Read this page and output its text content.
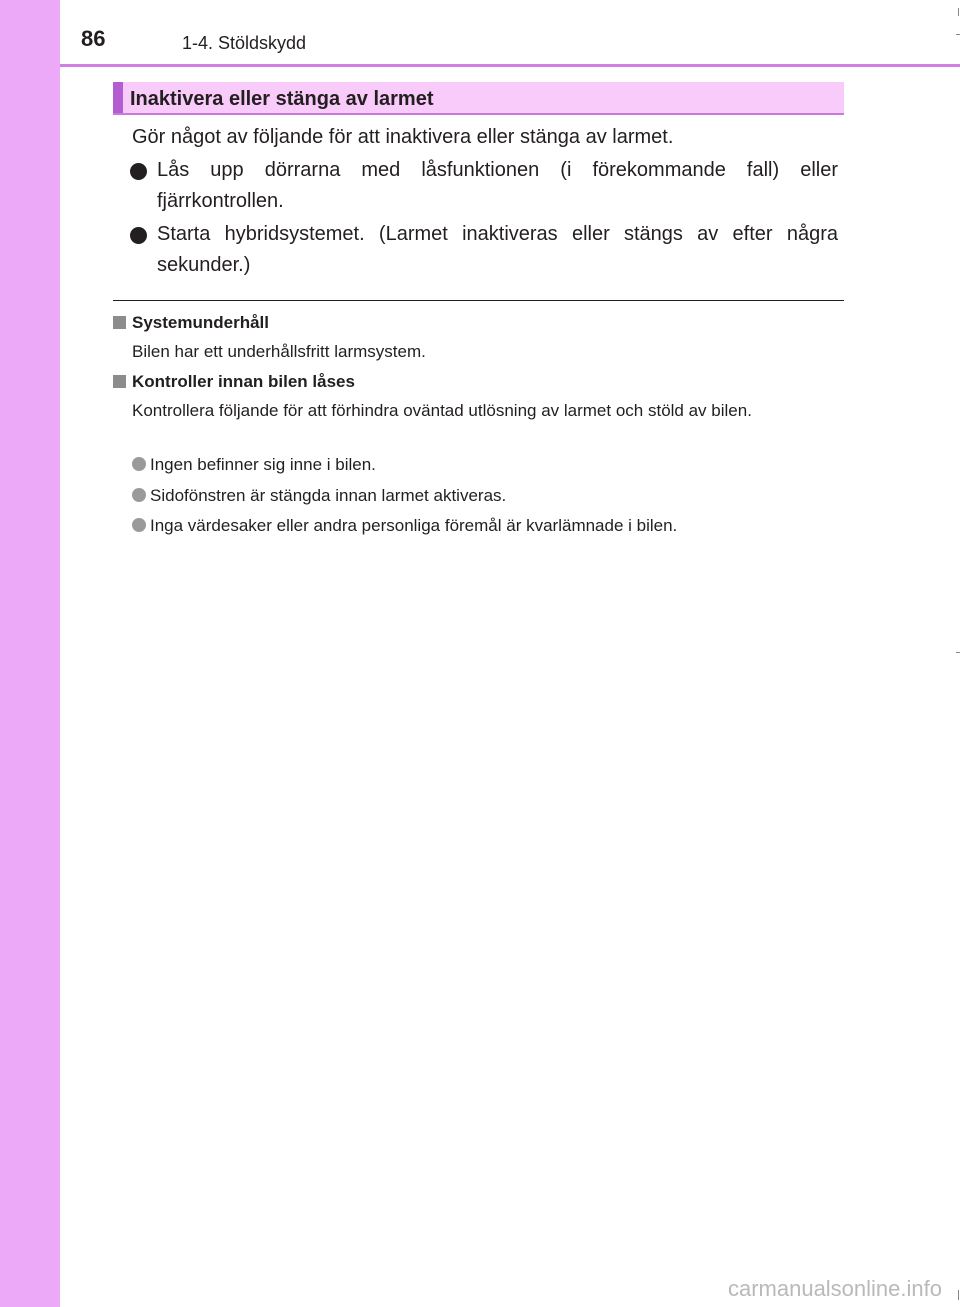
86	1-4. Stöldskydd
Inaktivera eller stänga av larmet
Gör något av följande för att inaktivera eller stänga av larmet.
Lås upp dörrarna med låsfunktionen (i förekommande fall) eller fjärrkontrollen.
Starta hybridsystemet. (Larmet inaktiveras eller stängs av efter några sekunder.)
Systemunderhåll
Bilen har ett underhållsfritt larmsystem.
Kontroller innan bilen låses
Kontrollera följande för att förhindra oväntad utlösning av larmet och stöld av bilen.
Ingen befinner sig inne i bilen.
Sidofönstren är stängda innan larmet aktiveras.
Inga värdesaker eller andra personliga föremål är kvarlämnade i bilen.
carmanualsonline.info
